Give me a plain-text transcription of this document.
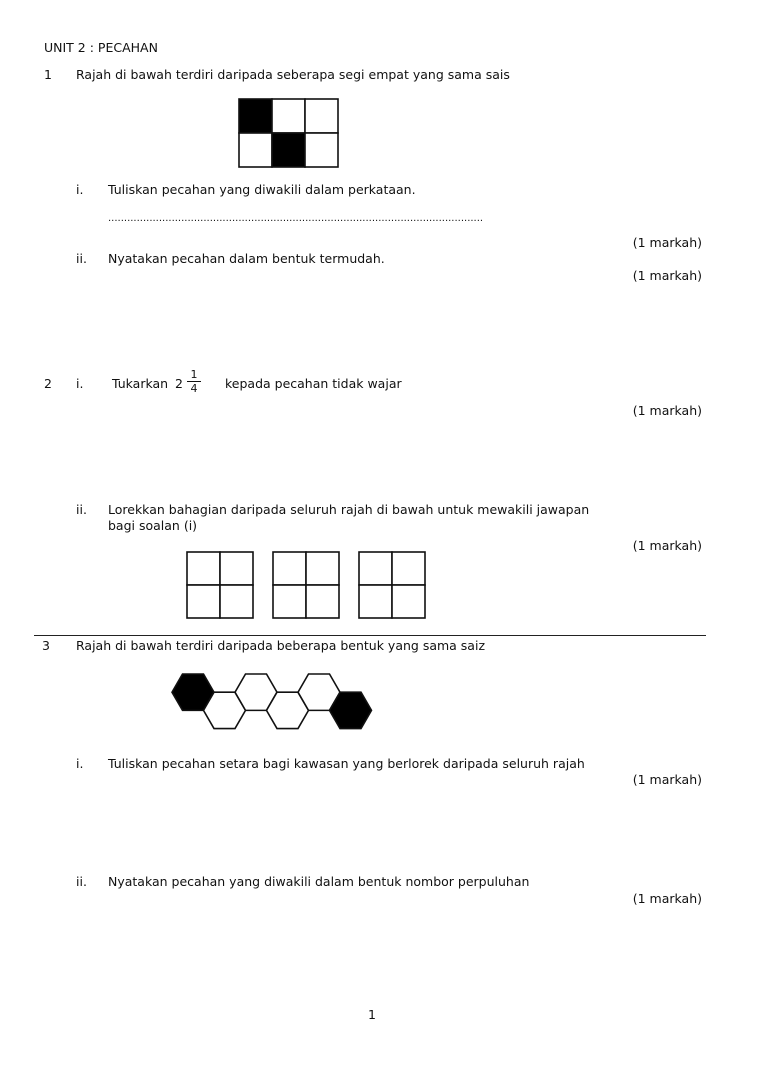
UNIT 2 : PECAHAN
1 Rajah di bawah terdiri daripada seberapa segi empat yang sama sais
i. Tuliskan pecahan yang diwakili dalam perkataan.
......................................................................................................................
(1 markah)
ii. Nyatakan pecahan dalam bentuk termudah.
(1 markah)
2 i. Tukarkan 2
1
4 kepada pecahan tidak wajar
(1 markah)
ii. Lorekkan bahagian daripada seluruh rajah di bawah untuk mewakili jawapan
bagi soalan (i)
(1 markah)
3 Rajah di bawah terdiri daripada beberapa bentuk yang sama saiz
i. Tuliskan pecahan setara bagi kawasan yang berlorek daripada seluruh rajah
(1 markah)
ii. Nyatakan pecahan yang diwakili dalam bentuk nombor perpuluhan
(1 markah)
1
